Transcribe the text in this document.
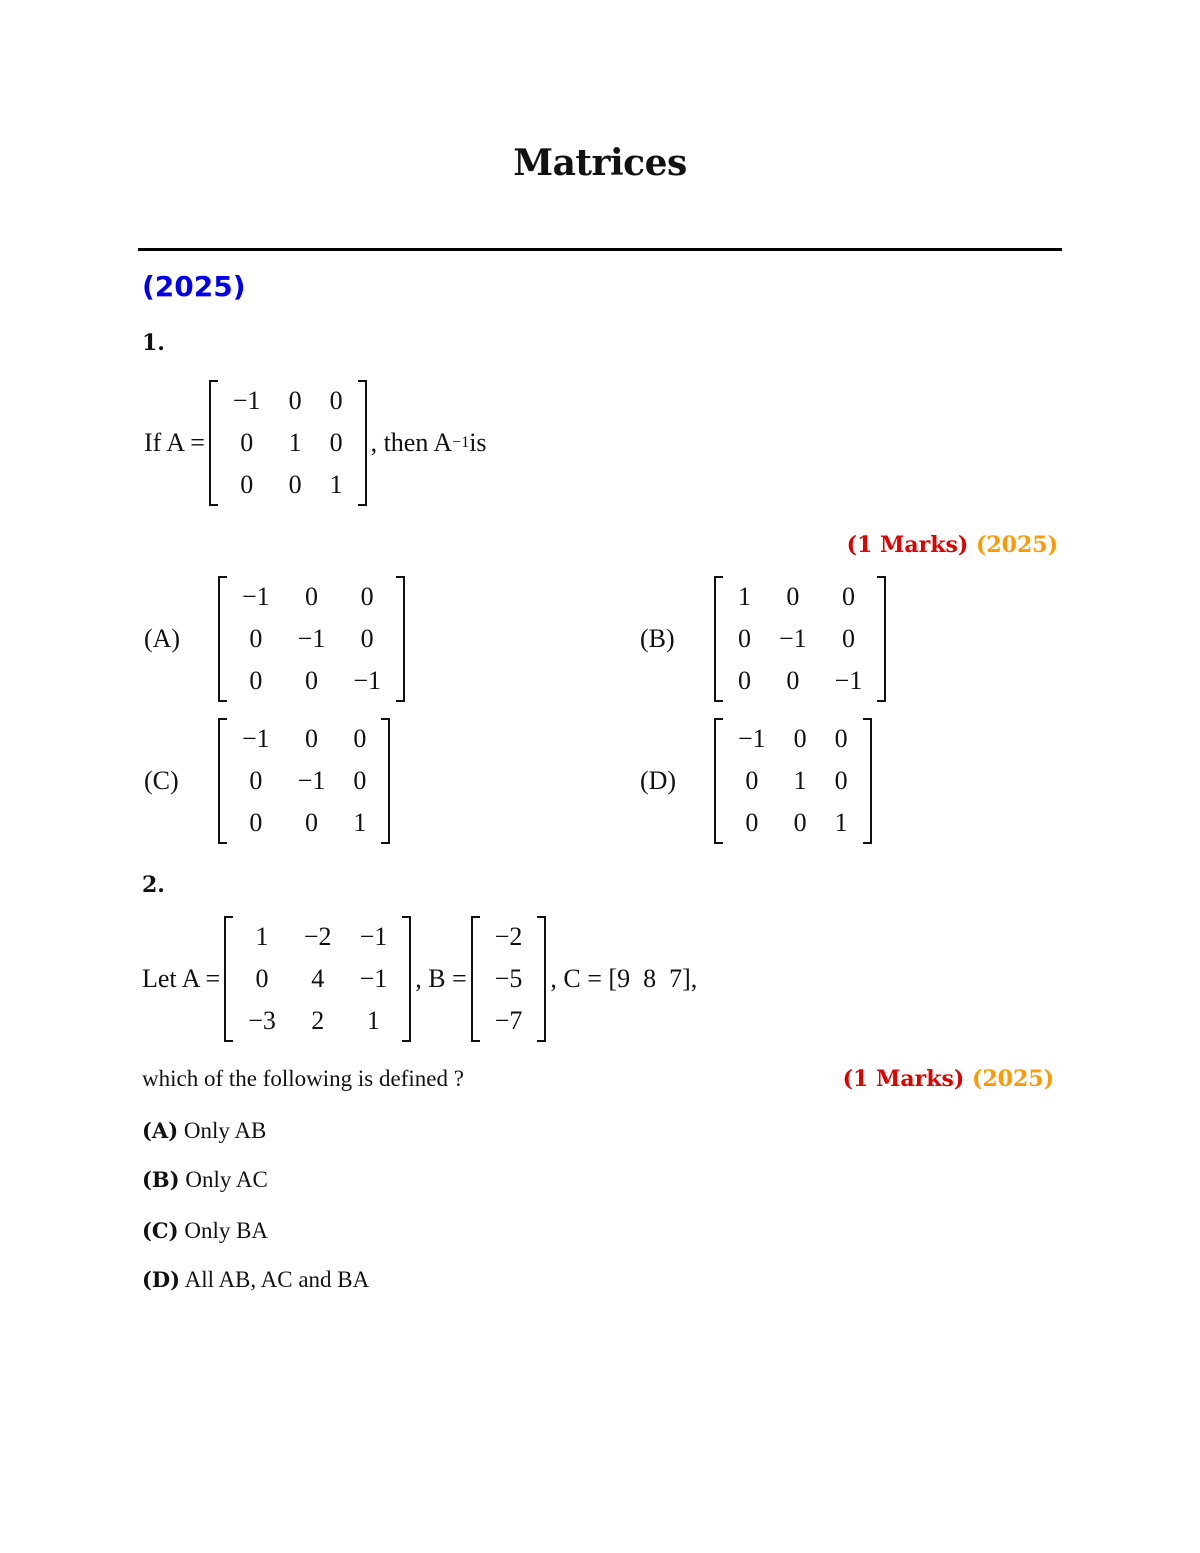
Matrices
(2025)
1.
If A =
−1	0	0
0	1	0
0	0	1
, then A −1 is
(1 Marks) (2025)
(A)
−1	0	0
0	−1	0
0	0	−1
(B)
1	0	0
0	−1	0
0	0	−1
(C)
−1	0	0
0	−1	0
0	0	1
(D)
−1	0	0
0	1	0
0	0	1
2.
Let A =
1	−2	−1
0	4	−1
−3	2	1
, B =
−2
−5
−7
, C = [9  8  7],
which of the following is defined ?	(1 Marks) (2025)
(A) Only AB
(B) Only AC
(C) Only BA
(D) All AB, AC and BA
